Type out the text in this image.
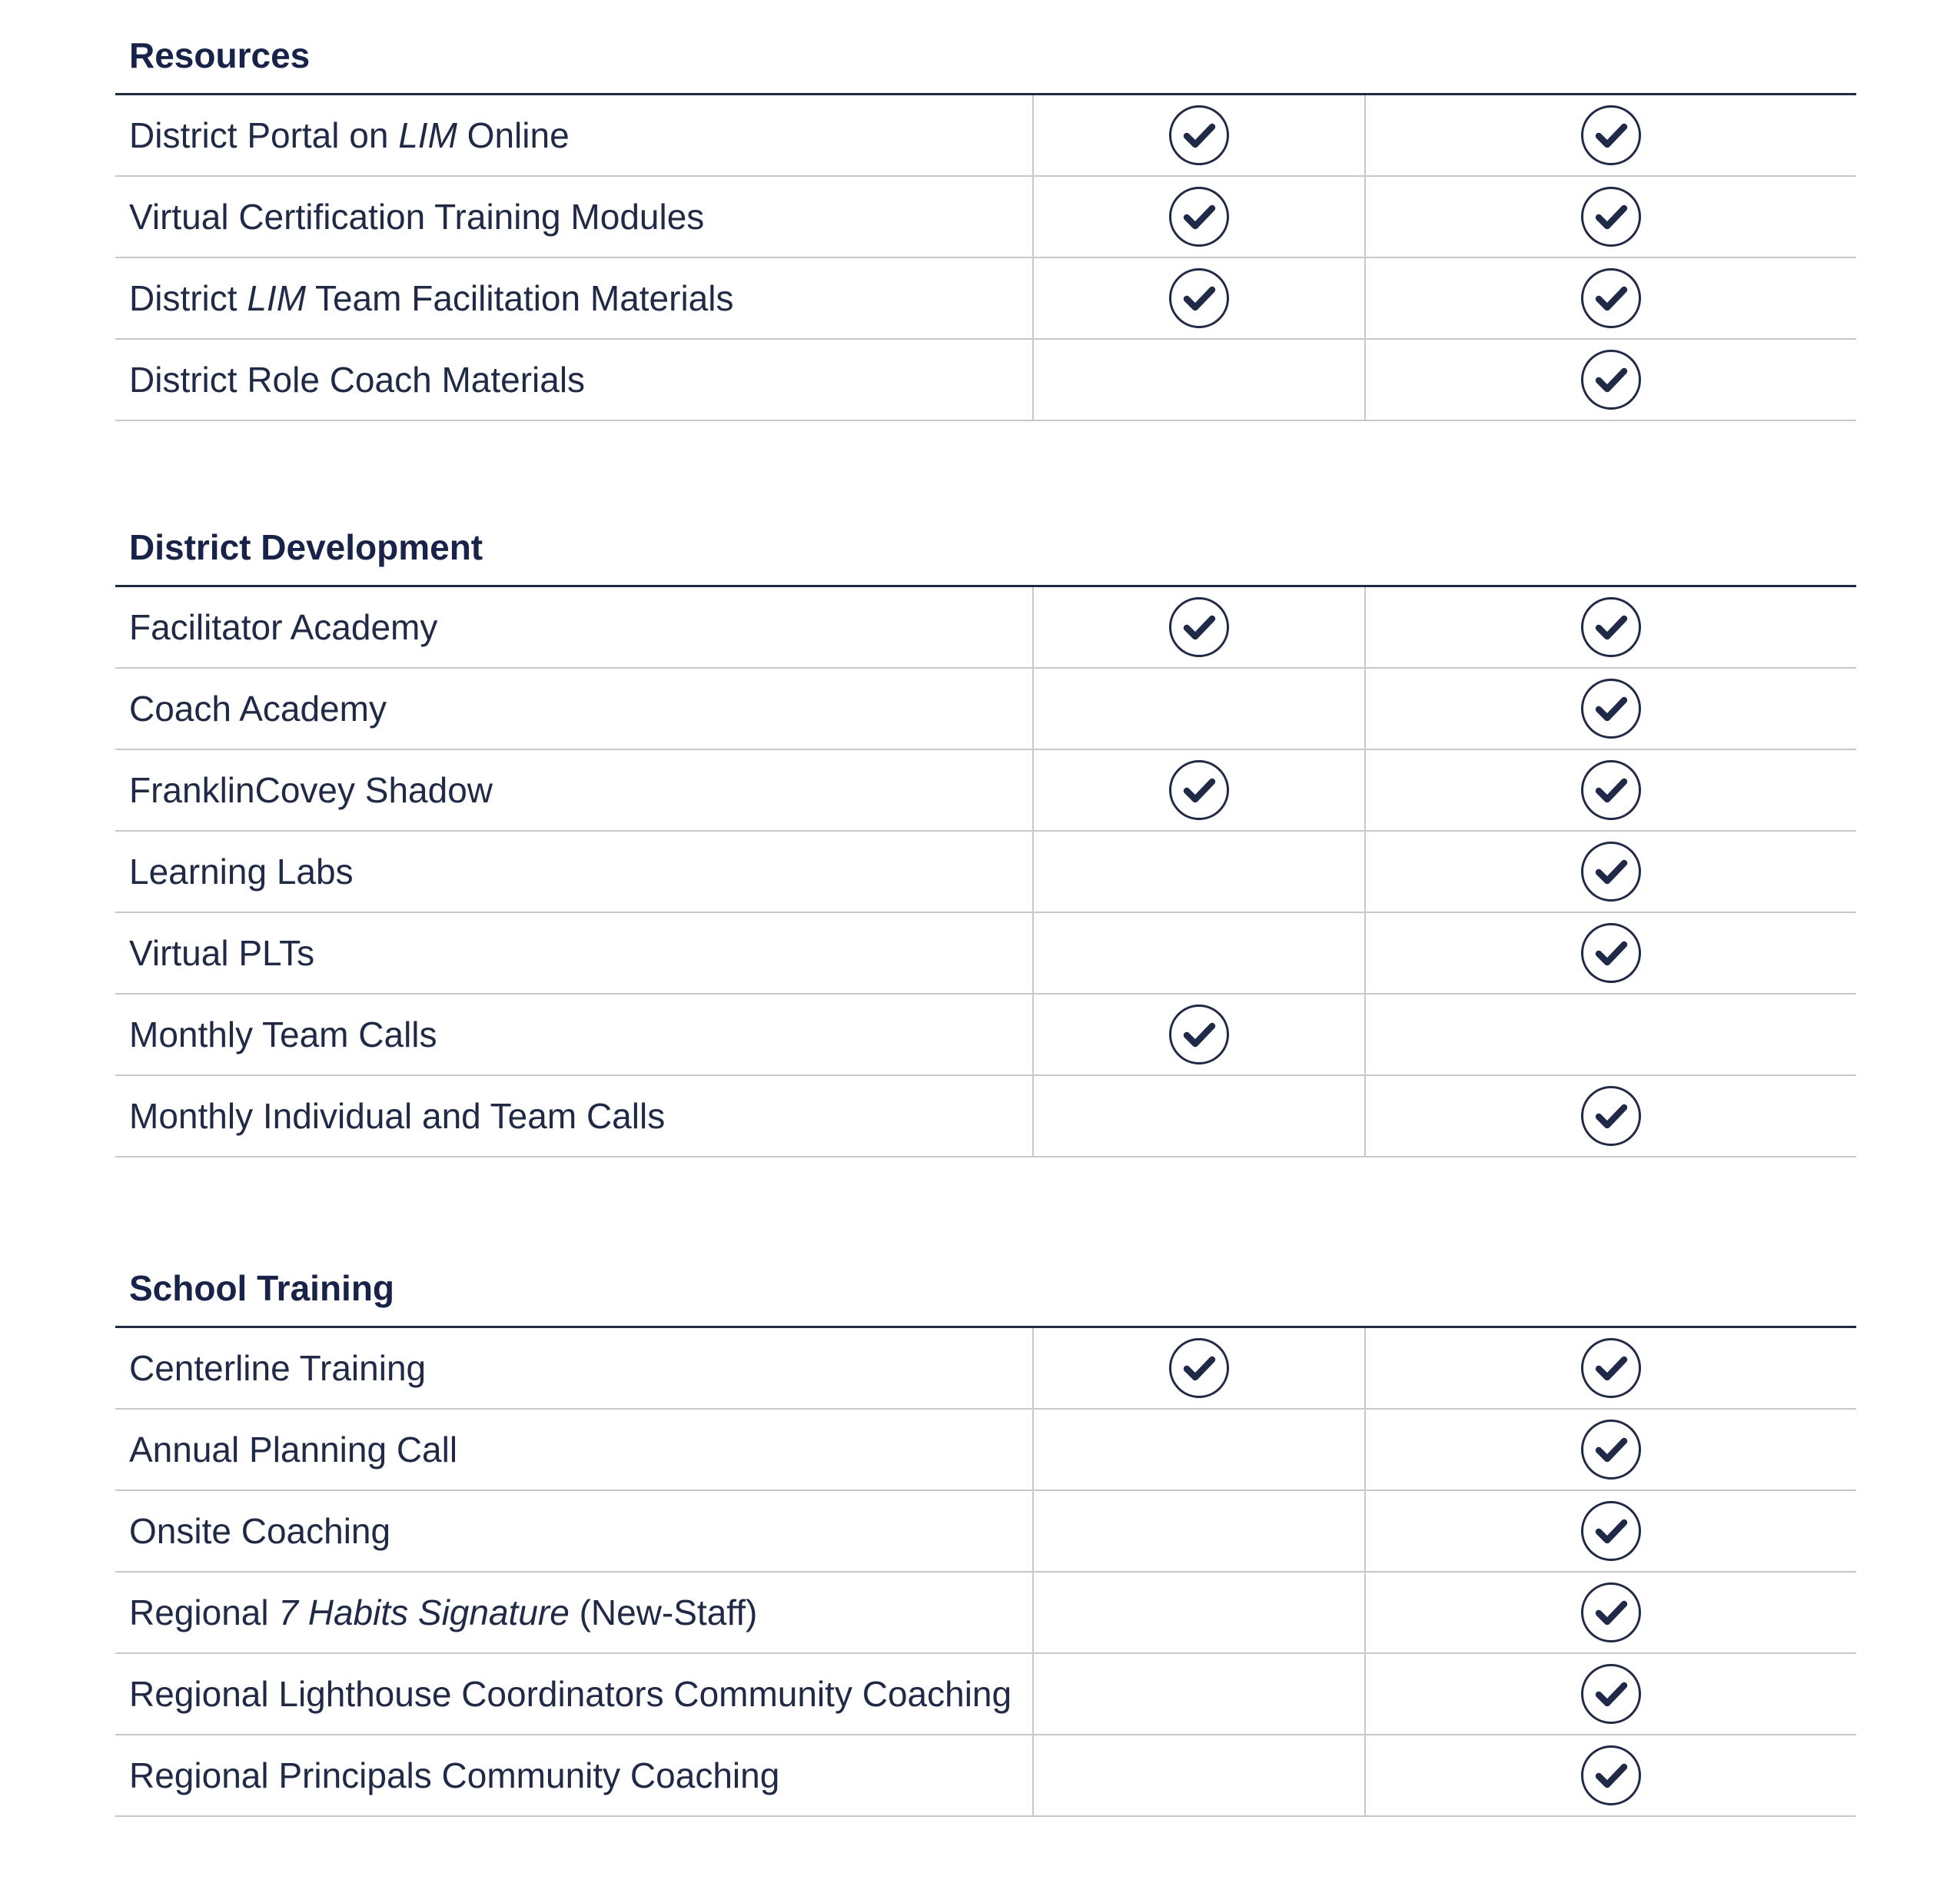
Resources
District Portal on LIM Online
Virtual Certification Training Modules
District LIM Team Facilitation Materials
District Role Coach Materials
District Development
Facilitator Academy
Coach Academy
FranklinCovey Shadow
Learning Labs
Virtual PLTs
Monthly Team Calls
Monthly Individual and Team Calls
School Training
Centerline Training
Annual Planning Call
Onsite Coaching
Regional 7 Habits Signature (New-Staff)
Regional Lighthouse Coordinators Community Coaching
Regional Principals Community Coaching
